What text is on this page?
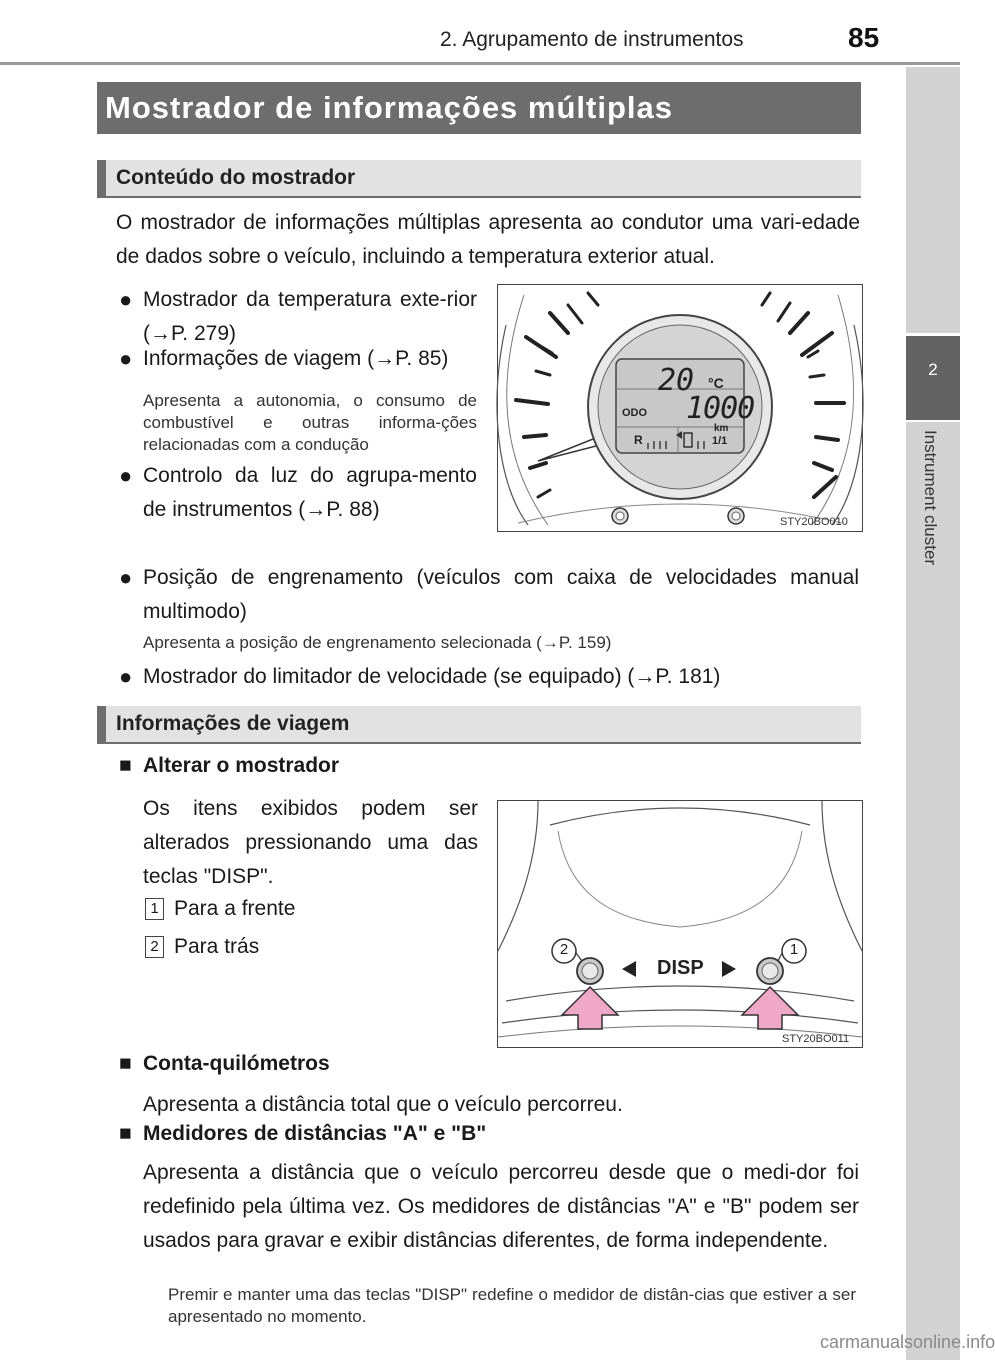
2. Agrupamento de instrumentos	85
2
Instrument cluster
Mostrador de informações múltiplas
Conteúdo do mostrador
O mostrador de informações múltiplas apresenta ao condutor uma vari-edade de dados sobre o veículo, incluindo a temperatura exterior atual.
● Mostrador da temperatura exte-rior (→P. 279)
● Informações de viagem (→P. 85)
Apresenta a autonomia, o consumo de combustível e outras informa-ções relacionadas com a condução
● Controlo da luz do agrupa-mento de instrumentos (→P. 88)
● Posição de engrenamento (veículos com caixa de velocidades manual multimodo)
Apresenta a posição de engrenamento selecionada (→P. 159)
● Mostrador do limitador de velocidade (se equipado) (→P. 181)
20 °C
ODO 1000
km
R	1/1
STY20BO010
Informações de viagem
■ Alterar o mostrador
Os itens exibidos podem ser alterados pressionando uma das teclas "DISP".
1 Para a frente
2 Para trás
DISP
2	1
STY20BO011
■ Conta-quilómetros
Apresenta a distância total que o veículo percorreu.
■ Medidores de distâncias "A" e "B"
Apresenta a distância que o veículo percorreu desde que o medi-dor foi redefinido pela última vez. Os medidores de distâncias "A" e "B" podem ser usados para gravar e exibir distâncias diferentes, de forma independente.
Premir e manter uma das teclas "DISP" redefine o medidor de distân-cias que estiver a ser apresentado no momento.
carmanualsonline.info
